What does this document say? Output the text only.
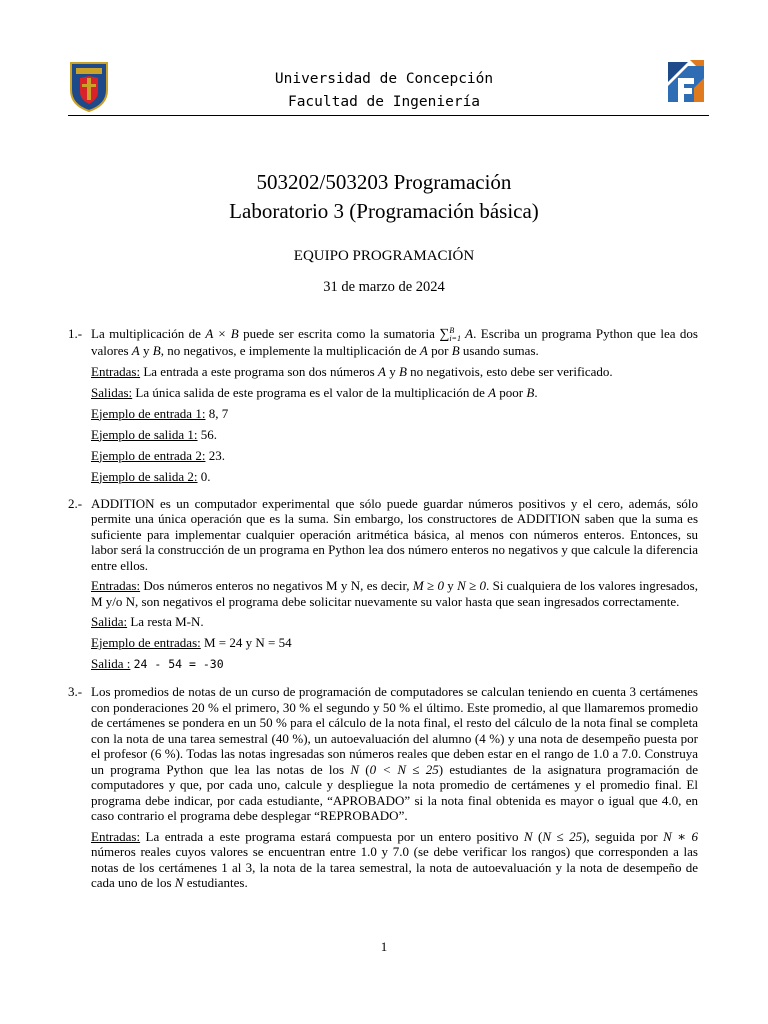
Universidad de Concepción
Facultad de Ingeniería
503202/503203 Programación
Laboratorio 3 (Programación básica)
EQUIPO PROGRAMACIÓN
31 de marzo de 2024
1.- La multiplicación de A × B puede ser escrita como la sumatoria ∑B
i=1 A. Escriba un programa Python que lea dos valores A y B, no negativos, e implemente la multiplicación de A por B usando sumas.
Entradas: La entrada a este programa son dos números A y B no negativois, esto debe ser verificado.
Salidas: La única salida de este programa es el valor de la multiplicación de A poor B.
Ejemplo de entrada 1: 8, 7
Ejemplo de salida 1: 56.
Ejemplo de entrada 2: 23.
Ejemplo de salida 2: 0.
2.- ADDITION es un computador experimental que sólo puede guardar números positivos y el cero, además, sólo permite una única operación que es la suma. Sin embargo, los constructores de ADDITION saben que la suma es suficiente para implementar cualquier operación aritmética básica, al menos con números enteros. Entonces, su labor será la construcción de un programa en Python lea dos número enteros no negativos y que calcule la diferencia entre ellos.
Entradas: Dos números enteros no negativos M y N, es decir, M ≥ 0 y N ≥ 0. Si cualquiera de los valores ingresados, M y/o N, son negativos el programa debe solicitar nuevamente su valor hasta que sean ingresados correctamente.
Salida: La resta M-N.
Ejemplo de entradas: M = 24 y N = 54
Salida : 24 - 54 = -30
3.- Los promedios de notas de un curso de programación de computadores se calculan teniendo en cuenta 3 certámenes con ponderaciones 20 % el primero, 30 % el segundo y 50 % el último. Este promedio, al que llamaremos promedio de certámenes se pondera en un 50 % para el cálculo de la nota final, el resto del cálculo de la nota final se completa con la nota de una tarea semestral (40 %), un autoevaluación del alumno (4 %) y una nota de desempeño puesta por el profesor (6 %). Todas las notas ingresadas son números reales que deben estar en el rango de 1.0 a 7.0. Construya un programa Python que lea las notas de los N (0 < N ≤ 25) estudiantes de la asignatura programación de computadores y que, por cada uno, calcule y despliegue la nota promedio de certámenes y el promedio final. El programa debe indicar, por cada estudiante, “APROBADO” si la nota final obtenida es mayor o igual que 4.0, en caso contrario el programa debe desplegar “REPROBADO”.
Entradas: La entrada a este programa estará compuesta por un entero positivo N (N ≤ 25), seguida por N ∗ 6 números reales cuyos valores se encuentran entre 1.0 y 7.0 (se debe verificar los rangos) que corresponden a las notas de los certámenes 1 al 3, la nota de la tarea semestral, la nota de autoevaluación y la nota de desempeño de cada uno de los N estudiantes.
1
